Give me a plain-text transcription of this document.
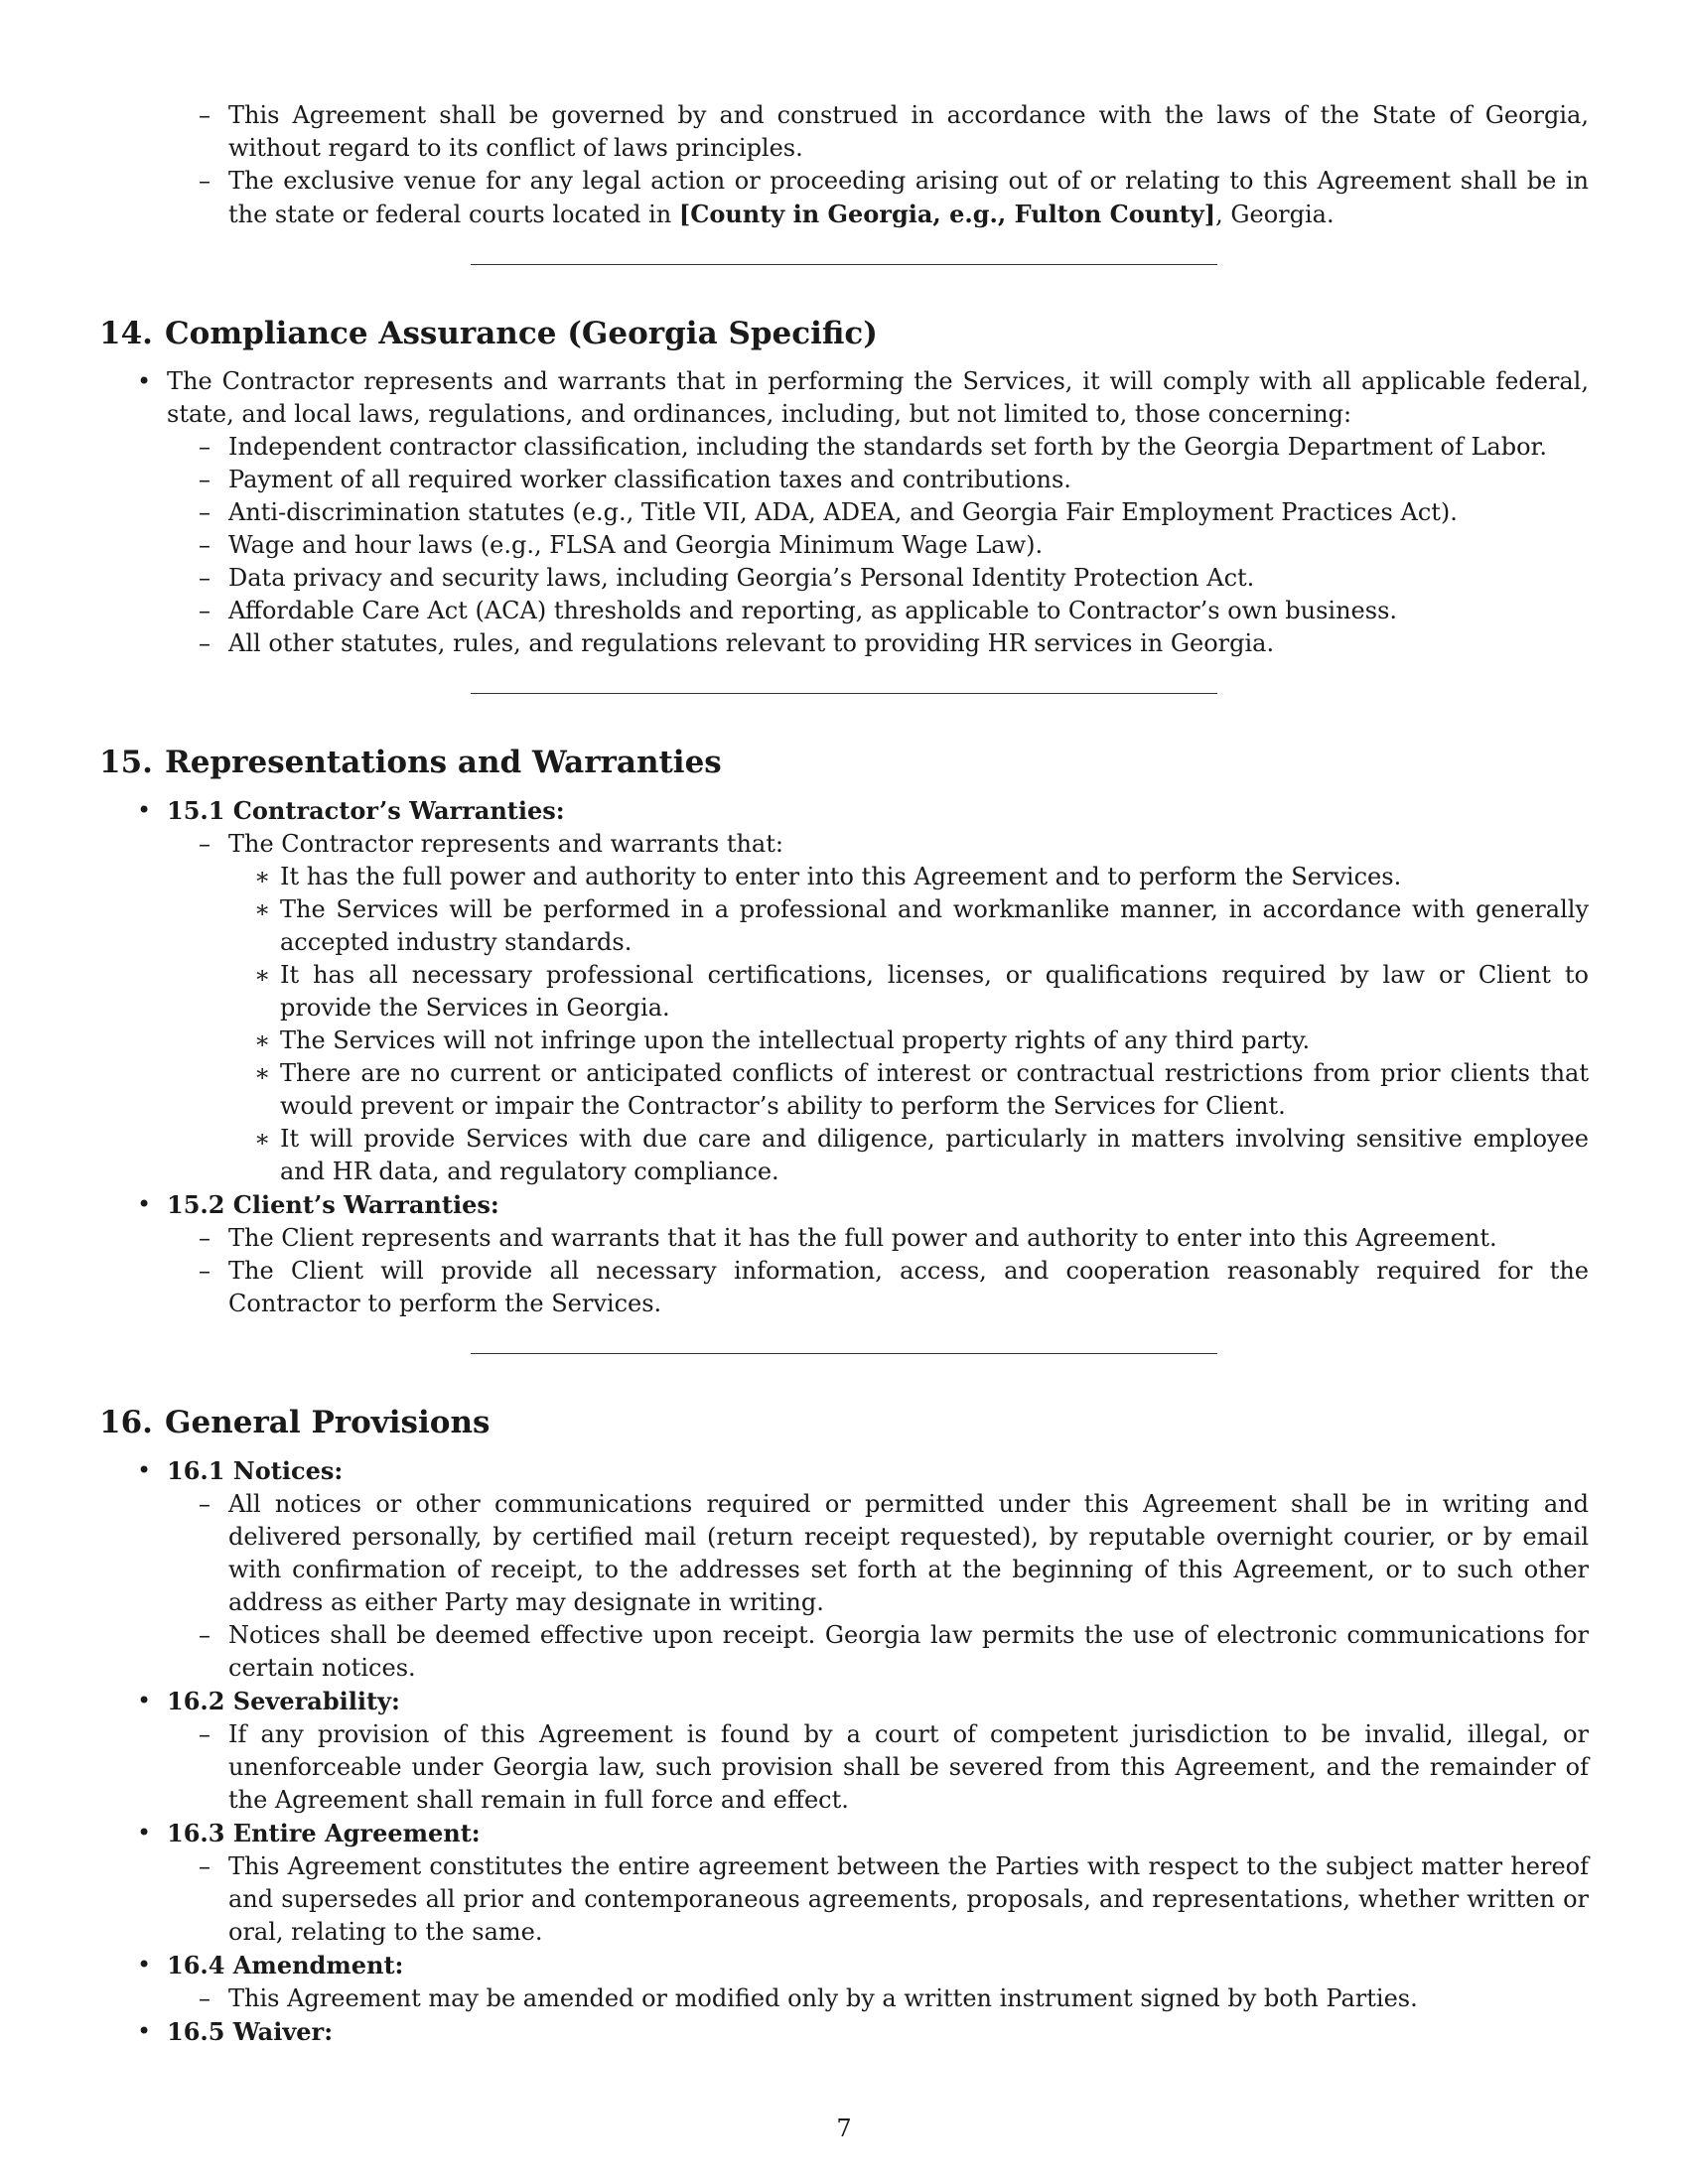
– This Agreement shall be governed by and construed in accordance with the laws of the State of Georgia, without regard to its conflict of laws principles.
– The exclusive venue for any legal action or proceeding arising out of or relating to this Agreement shall be in the state or federal courts located in [County in Georgia, e.g., Fulton County], Georgia.
14. Compliance Assurance (Georgia Specific)
• The Contractor represents and warrants that in performing the Services, it will comply with all applicable federal, state, and local laws, regulations, and ordinances, including, but not limited to, those concerning:
– Independent contractor classification, including the standards set forth by the Georgia Department of Labor.
– Payment of all required worker classification taxes and contributions.
– Anti-discrimination statutes (e.g., Title VII, ADA, ADEA, and Georgia Fair Employment Practices Act).
– Wage and hour laws (e.g., FLSA and Georgia Minimum Wage Law).
– Data privacy and security laws, including Georgia’s Personal Identity Protection Act.
– Affordable Care Act (ACA) thresholds and reporting, as applicable to Contractor’s own business.
– All other statutes, rules, and regulations relevant to providing HR services in Georgia.
15. Representations and Warranties
• 15.1 Contractor’s Warranties:
– The Contractor represents and warrants that:
∗ It has the full power and authority to enter into this Agreement and to perform the Services.
∗ The Services will be performed in a professional and workmanlike manner, in accordance with generally accepted industry standards.
∗ It has all necessary professional certifications, licenses, or qualifications required by law or Client to provide the Services in Georgia.
∗ The Services will not infringe upon the intellectual property rights of any third party.
∗ There are no current or anticipated conflicts of interest or contractual restrictions from prior clients that would prevent or impair the Contractor’s ability to perform the Services for Client.
∗ It will provide Services with due care and diligence, particularly in matters involving sensitive employee and HR data, and regulatory compliance.
• 15.2 Client’s Warranties:
– The Client represents and warrants that it has the full power and authority to enter into this Agreement.
– The Client will provide all necessary information, access, and cooperation reasonably required for the Contractor to perform the Services.
16. General Provisions
• 16.1 Notices:
– All notices or other communications required or permitted under this Agreement shall be in writing and delivered personally, by certified mail (return receipt requested), by reputable overnight courier, or by email with confirmation of receipt, to the addresses set forth at the beginning of this Agreement, or to such other address as either Party may designate in writing.
– Notices shall be deemed effective upon receipt. Georgia law permits the use of electronic communications for certain notices.
• 16.2 Severability:
– If any provision of this Agreement is found by a court of competent jurisdiction to be invalid, illegal, or unenforceable under Georgia law, such provision shall be severed from this Agreement, and the remainder of the Agreement shall remain in full force and effect.
• 16.3 Entire Agreement:
– This Agreement constitutes the entire agreement between the Parties with respect to the subject matter hereof and supersedes all prior and contemporaneous agreements, proposals, and representations, whether written or oral, relating to the same.
• 16.4 Amendment:
– This Agreement may be amended or modified only by a written instrument signed by both Parties.
• 16.5 Waiver:
7
